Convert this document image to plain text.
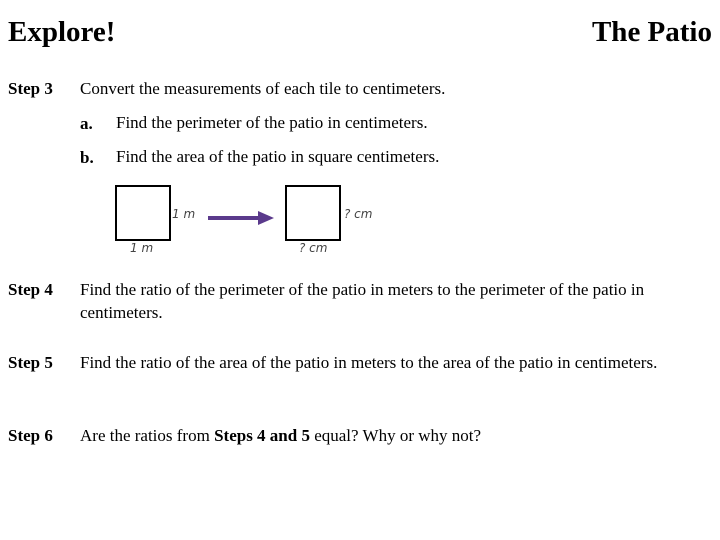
Explore!	The Patio
Step 3 Convert the measurements of each tile to centimeters.
a. Find the perimeter of the patio in centimeters.
b. Find the area of the patio in square centimeters.
1 m
1 m
? cm
? cm
Step 4 Find the ratio of the perimeter of the patio in meters to the perimeter of the patio in centimeters.
Step 5 Find the ratio of the area of the patio in meters to the area of the patio in centimeters.
Step 6 Are the ratios from Steps 4 and 5 equal? Why or why not?
